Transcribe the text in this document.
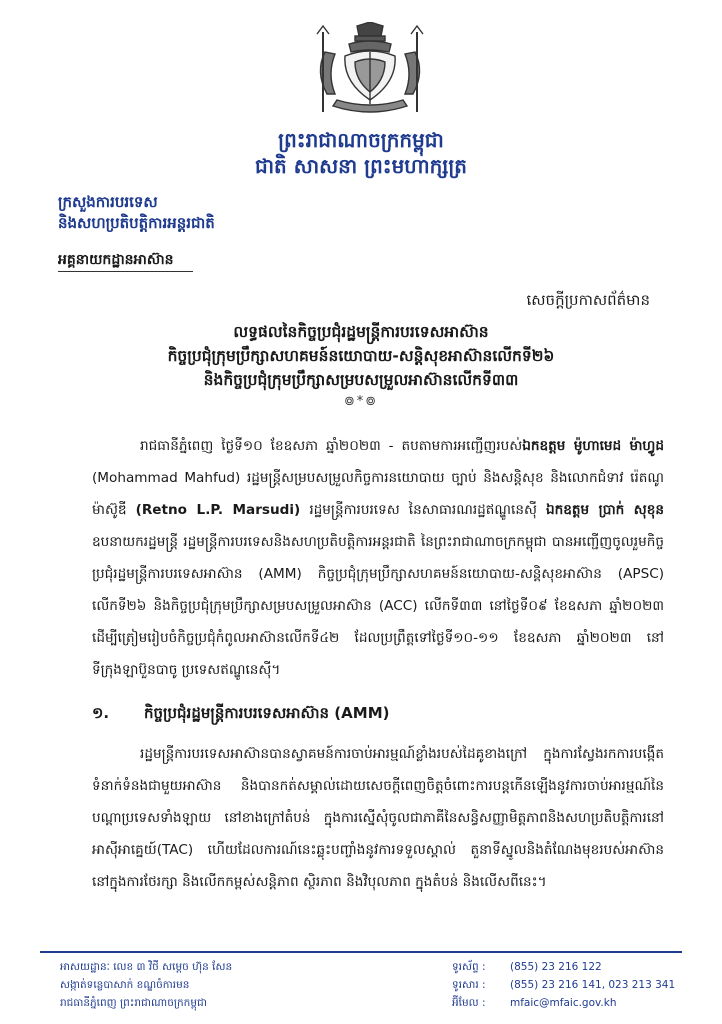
ព្រះរាជាណាចក្រកម្ពុជា
ជាតិ សាសនា ព្រះមហាក្សត្រ
ក្រសួងការបរទេស
និងសហប្រតិបត្តិការអន្តរជាតិ
អគ្គនាយកដ្ឋានអាស៊ាន
សេចក្តីប្រកាសព័ត៌មាន
លទ្ធផលនៃកិច្ចប្រជុំរដ្ឋមន្ត្រីការបរទេសអាស៊ាន
កិច្ចប្រជុំក្រុមប្រឹក្សាសហគមន៍នយោបាយ-សន្តិសុខអាស៊ានលើកទី២៦
និងកិច្ចប្រជុំក្រុមប្រឹក្សាសម្របសម្រួលអាស៊ានលើកទី៣៣
៙*៙
រាជធានីភ្នំពេញ ថ្ងៃទី១០ ខែឧសភា ឆ្នាំ២០២៣ - តបតាមការអញ្ជើញរបស់ឯកឧត្តម ម៉ូហាមេដ ម៉ាហ្វូដ (Mohammad Mahfud) រដ្ឋមន្ត្រីសម្របសម្រួលកិច្ចការនយោបាយ ច្បាប់ និងសន្តិសុខ និងលោកជំទាវ រ៉េតណូ ម៉ាស៊ូឌី (Retno L.P. Marsudi) រដ្ឋមន្ត្រីការបរទេស នៃសាធារណរដ្ឋឥណ្ឌូនេស៊ី ឯកឧត្តម ប្រាក់ សុខុន ឧបនាយករដ្ឋមន្ត្រី រដ្ឋមន្ត្រីការបរទេសនិងសហប្រតិបត្តិការអន្តរជាតិ នៃព្រះរាជាណាចក្រកម្ពុជា បានអញ្ជើញចូលរួមកិច្ចប្រជុំរដ្ឋមន្ត្រីការបរទេសអាស៊ាន (AMM) កិច្ចប្រជុំក្រុមប្រឹក្សាសហគមន៍នយោបាយ-សន្តិសុខអាស៊ាន (APSC) លើកទី២៦ និងកិច្ចប្រជុំក្រុមប្រឹក្សាសម្របសម្រួលអាស៊ាន (ACC) លើកទី៣៣ នៅថ្ងៃទី០៩ ខែឧសភា ឆ្នាំ២០២៣ ដើម្បីត្រៀមរៀបចំកិច្ចប្រជុំកំពូលអាស៊ានលើកទី៤២ ដែលប្រព្រឹត្តទៅថ្ងៃទី១០-១១ ខែឧសភា ឆ្នាំ២០២៣ នៅទីក្រុងឡាប៊ួនបាចូ ប្រទេសឥណ្ឌូនេស៊ី។
១. កិច្ចប្រជុំរដ្ឋមន្ត្រីការបរទេសអាស៊ាន (AMM)
រដ្ឋមន្ត្រីការបរទេសអាស៊ានបានស្វាគមន៍ការចាប់អារម្មណ៍ខ្លាំងរបស់ដៃគូខាងក្រៅ ក្នុងការស្វែងរកការបង្កើតទំនាក់ទំនងជាមួយអាស៊ាន និងបានកត់សម្គាល់ដោយសេចក្តីពេញចិត្តចំពោះការបន្តកើនឡើងនូវការចាប់អារម្មណ៍នៃបណ្តាប្រទេសទាំងឡាយ នៅខាងក្រៅតំបន់ ក្នុងការស្នើសុំចូលជាភាគីនៃសន្ធិសញ្ញាមិត្តភាពនិងសហប្រតិបត្តិការនៅអាស៊ីអាគ្នេយ៍(TAC) ហើយដែលការណ៍នេះឆ្លុះបញ្ចាំងនូវការទទួលស្គាល់ តួនាទីស្នូលនិងតំណែងមុខរបស់អាស៊ាន នៅក្នុងការថែរក្សា និងលើកកម្ពស់សន្តិភាព ស្ថិរភាព និងវិបុលភាព ក្នុងតំបន់ និងលើសពីនេះ។
អាសយដ្ឋានៈ លេខ ៣ វិថី សម្តេច ហ៊ុន សែន
សង្កាត់ទន្លេបាសាក់ ខណ្ឌចំការមន
រាជធានីភ្នំពេញ ព្រះរាជាណាចក្រកម្ពុជា
ទូរស័ព្ទ : (855) 23 216 122
ទូរសារ : (855) 23 216 141, 023 213 341
អ៊ីមែល : mfaic@mfaic.gov.kh
